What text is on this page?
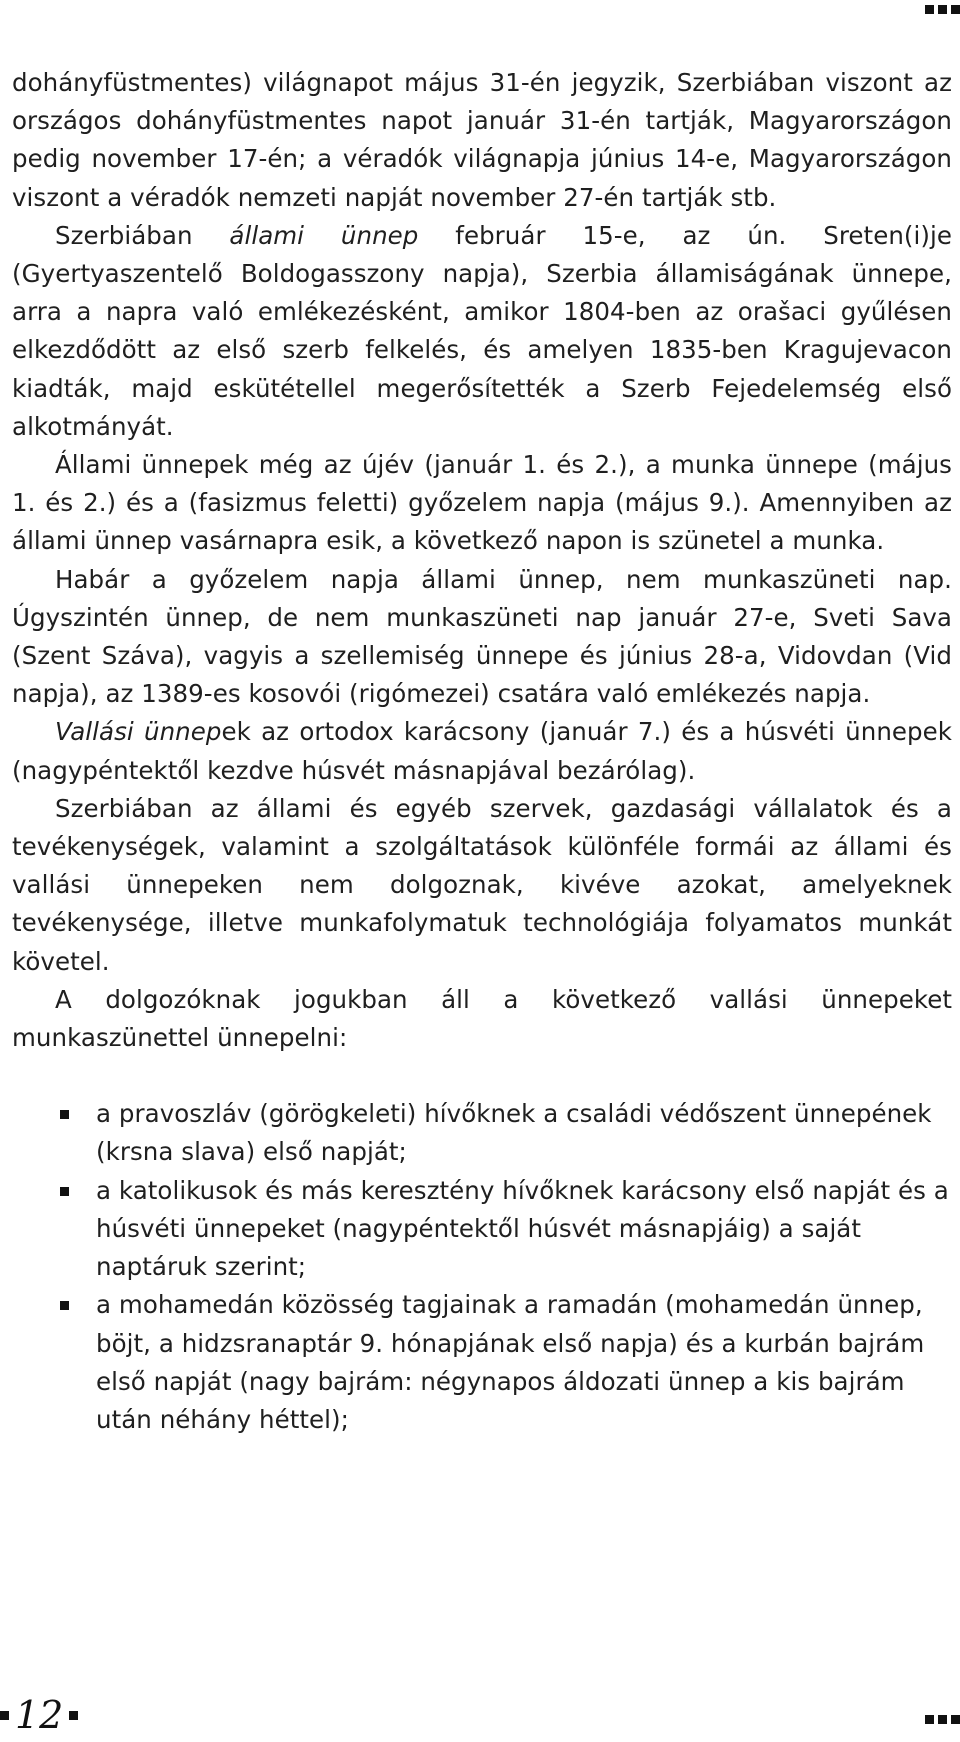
dohányfüstmentes) világnapot május 31-én jegyzik, Szerbiában viszont az országos dohányfüstmentes napot január 31-én tartják, Magyarországon pedig november 17-én; a véradók világnapja június 14-e, Magyarországon viszont a véradók nemzeti napját november 27-én tartják stb.

Szerbiában állami ünnep február 15-e, az ún. Sreten(i)je (Gyertyaszentelő Boldogasszony napja), Szerbia államiságának ünnepe, arra a napra való emlékezésként, amikor 1804-ben az orašaci gyűlésen elkezdődött az első szerb felkelés, és amelyen 1835-ben Kragujevacon kiadták, majd eskütétellel megerősítették a Szerb Fejedelemség első alkotmányát.

Állami ünnepek még az újév (január 1. és 2.), a munka ünnepe (május 1. és 2.) és a (fasizmus feletti) győzelem napja (május 9.). Amennyiben az állami ünnep vasárnapra esik, a következő napon is szünetel a munka.

Habár a győzelem napja állami ünnep, nem munkaszüneti nap. Úgyszintén ünnep, de nem munkaszüneti nap január 27-e, Sveti Sava (Szent Száva), vagyis a szellemiség ünnepe és június 28-a, Vidovdan (Vid napja), az 1389-es kosovói (rigómezei) csatára való emlékezés napja.

Vallási ünnepek az ortodox karácsony (január 7.) és a húsvéti ünnepek (nagypéntektől kezdve húsvét másnapjával bezárólag).

Szerbiában az állami és egyéb szervek, gazdasági vállalatok és a tevékenységek, valamint a szolgáltatások különféle formái az állami és vallási ünnepeken nem dolgoznak, kivéve azokat, amelyeknek tevékenysége, illetve munkafolymatuk technológiája folyamatos munkát követel.

A dolgozóknak jogukban áll a következő vallási ünnepeket munkaszünettel ünnepelni:

a pravoszláv (görögkeleti) hívőknek a családi védőszent ünnepének (krsna slava) első napját;
a katolikusok és más keresztény hívőknek karácsony első napját és a húsvéti ünnepeket (nagypéntektől húsvét másnapjáig) a saját naptáruk szerint;
a mohamedán közösség tagjainak a ramadán (mohamedán ünnep, böjt, a hidzsranaptár 9. hónapjának első napja) és a kurbán bajrám első napját (nagy bajrám: négynapos áldozati ünnep a kis bajrám után néhány héttel);
12
